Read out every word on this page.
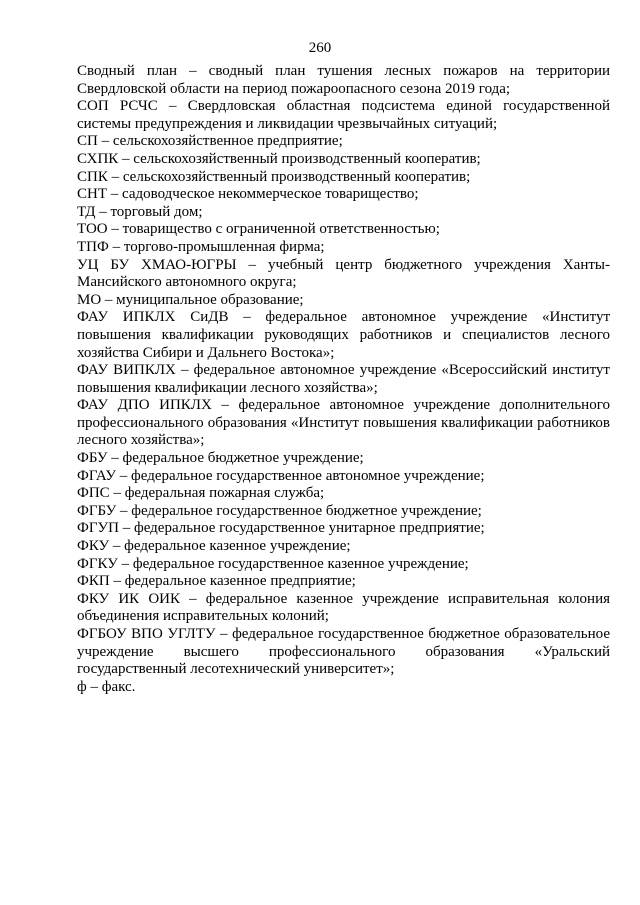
260

Сводный план – сводный план тушения лесных пожаров на территории Свердловской области на период пожароопасного сезона 2019 года;

СОП РСЧС – Свердловская областная подсистема единой государственной системы предупреждения и ликвидации чрезвычайных ситуаций;

СП – сельскохозяйственное предприятие;

СХПК – сельскохозяйственный производственный кооператив;

СПК – сельскохозяйственный производственный кооператив;

СНТ – садоводческое некоммерческое товарищество;

ТД – торговый дом;

ТОО – товарищество с ограниченной ответственностью;

ТПФ – торгово-промышленная фирма;

УЦ БУ ХМАО-ЮГРЫ – учебный центр бюджетного учреждения Ханты-Мансийского автономного округа;

МО – муниципальное образование;

ФАУ ИПКЛХ СиДВ – федеральное автономное учреждение «Институт повышения квалификации руководящих работников и специалистов лесного хозяйства Сибири и Дальнего Востока»;

ФАУ ВИПКЛХ – федеральное автономное учреждение «Всероссийский институт повышения квалификации лесного хозяйства»;

ФАУ ДПО ИПКЛХ – федеральное автономное учреждение дополнительного профессионального образования «Институт повышения квалификации работников лесного хозяйства»;

ФБУ – федеральное бюджетное учреждение;

ФГАУ – федеральное государственное автономное учреждение;

ФПС – федеральная пожарная служба;

ФГБУ – федеральное государственное бюджетное учреждение;

ФГУП – федеральное государственное унитарное предприятие;

ФКУ – федеральное казенное учреждение;

ФГКУ – федеральное государственное казенное учреждение;

ФКП – федеральное казенное предприятие;

ФКУ ИК ОИК – федеральное казенное учреждение исправительная колония объединения исправительных колоний;

ФГБОУ ВПО УГЛТУ – федеральное государственное бюджетное образовательное учреждение высшего профессионального образования «Уральский государственный лесотехнический университет»;

ф – факс.
